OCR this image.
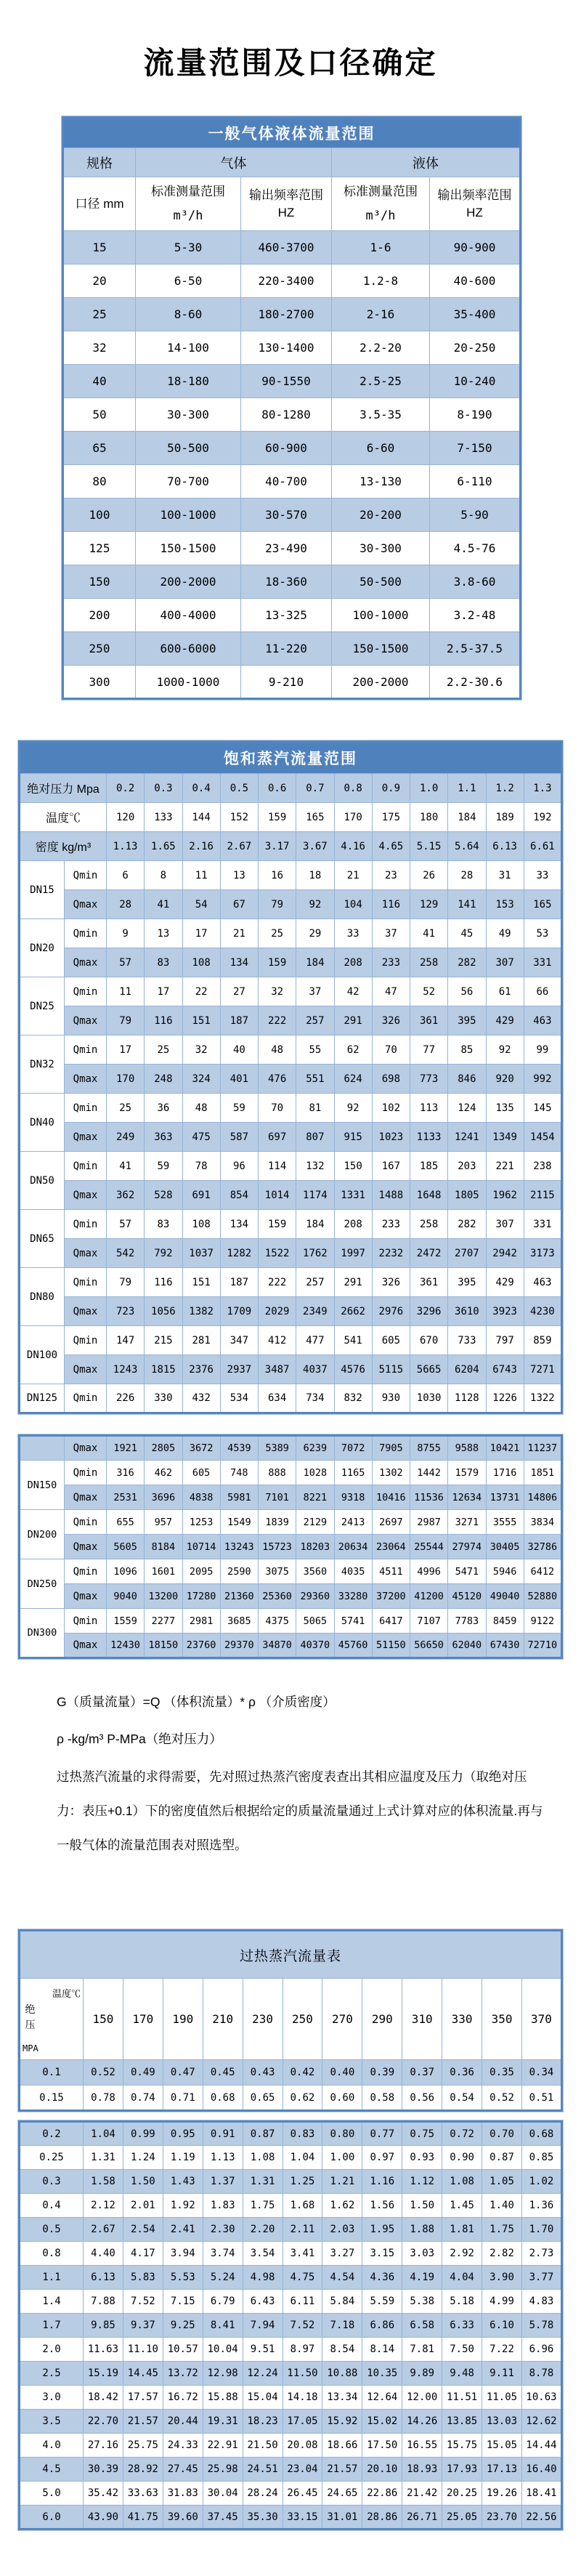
流量范围及口径确定
一般气体液体流量范围				
规格	气体		液体	
口径 mm	
标准测量范围
m³/h
	输出频率范围 HZ	
标准测量范围
m³/h
	输出频率范围 HZ
15	5-30	460-3700	1-6	90-900
20	6-50	220-3400	1.2-8	40-600
25	8-60	180-2700	2-16	35-400
32	14-100	130-1400	2.2-20	20-250
40	18-180	90-1550	2.5-25	10-240
50	30-300	80-1280	3.5-35	8-190
65	50-500	60-900	6-60	7-150
80	70-700	40-700	13-130	6-110
100	100-1000	30-570	20-200	5-90
125	150-1500	23-490	30-300	4.5-76
150	200-2000	18-360	50-500	3.8-60
200	400-4000	13-325	100-1000	3.2-48
250	600-6000	11-220	150-1500	2.5-37.5
300	1000-1000	9-210	200-2000	2.2-30.6
饱和蒸汽流量范围													
绝对压力 Mpa		0.2	0.3	0.4	0.5	0.6	0.7	0.8	0.9	1.0	1.1	1.2	1.3
温度℃		120	133	144	152	159	165	170	175	180	184	189	192
密度 kg/m³		1.13	1.65	2.16	2.67	3.17	3.67	4.16	4.65	5.15	5.64	6.13	6.61
DN15	Qmin	6	8	11	13	16	18	21	23	26	28	31	33
	Qmax	28	41	54	67	79	92	104	116	129	141	153	165
DN20	Qmin	9	13	17	21	25	29	33	37	41	45	49	53
	Qmax	57	83	108	134	159	184	208	233	258	282	307	331
DN25	Qmin	11	17	22	27	32	37	42	47	52	56	61	66
	Qmax	79	116	151	187	222	257	291	326	361	395	429	463
DN32	Qmin	17	25	32	40	48	55	62	70	77	85	92	99
	Qmax	170	248	324	401	476	551	624	698	773	846	920	992
DN40	Qmin	25	36	48	59	70	81	92	102	113	124	135	145
	Qmax	249	363	475	587	697	807	915	1023	1133	1241	1349	1454
DN50	Qmin	41	59	78	96	114	132	150	167	185	203	221	238
	Qmax	362	528	691	854	1014	1174	1331	1488	1648	1805	1962	2115
DN65	Qmin	57	83	108	134	159	184	208	233	258	282	307	331
	Qmax	542	792	1037	1282	1522	1762	1997	2232	2472	2707	2942	3173
DN80	Qmin	79	116	151	187	222	257	291	326	361	395	429	463
	Qmax	723	1056	1382	1709	2029	2349	2662	2976	3296	3610	3923	4230
DN100	Qmin	147	215	281	347	412	477	541	605	670	733	797	859
	Qmax	1243	1815	2376	2937	3487	4037	4576	5115	5665	6204	6743	7271
DN125	Qmin	226	330	432	534	634	734	832	930	1030	1128	1226	1322
	Qmax	1921	2805	3672	4539	5389	6239	7072	7905	8755	9588	10421	11237
DN150	Qmin	316	462	605	748	888	1028	1165	1302	1442	1579	1716	1851
	Qmax	2531	3696	4838	5981	7101	8221	9318	10416	11536	12634	13731	14806
DN200	Qmin	655	957	1253	1549	1839	2129	2413	2697	2987	3271	3555	3834
	Qmax	5605	8184	10714	13243	15723	18203	20634	23064	25544	27974	30405	32786
DN250	Qmin	1096	1601	2095	2590	3075	3560	4035	4511	4996	5471	5946	6412
	Qmax	9040	13200	17280	21360	25360	29360	33280	37200	41200	45120	49040	52880
DN300	Qmin	1559	2277	2981	3685	4375	5065	5741	6417	7107	7783	8459	9122
	Qmax	12430	18150	23760	29370	34870	40370	45760	51150	56650	62040	67430	72710

G（质量流量）=Q （体积流量）* ρ （介质密度）

ρ -kg/m³ P-MPa（绝对压力）

过热蒸汽流量的求得需要，先对照过热蒸汽密度表查出其相应温度及压力（取绝对压力：表压+0.1）下的密度值然后根据给定的质量流量通过上式计算对应的体积流量.再与一般气体的流量范围表对照选型。

过热蒸汽流量表												

温度℃
绝压
MPA	150	170	190	210	230	250	270	290	310	330	350	370
0.1	0.52	0.49	0.47	0.45	0.43	0.42	0.40	0.39	0.37	0.36	0.35	0.34
0.15	0.78	0.74	0.71	0.68	0.65	0.62	0.60	0.58	0.56	0.54	0.52	0.51
0.2	1.04	0.99	0.95	0.91	0.87	0.83	0.80	0.77	0.75	0.72	0.70	0.68
0.25	1.31	1.24	1.19	1.13	1.08	1.04	1.00	0.97	0.93	0.90	0.87	0.85
0.3	1.58	1.50	1.43	1.37	1.31	1.25	1.21	1.16	1.12	1.08	1.05	1.02
0.4	2.12	2.01	1.92	1.83	1.75	1.68	1.62	1.56	1.50	1.45	1.40	1.36
0.5	2.67	2.54	2.41	2.30	2.20	2.11	2.03	1.95	1.88	1.81	1.75	1.70
0.8	4.40	4.17	3.94	3.74	3.54	3.41	3.27	3.15	3.03	2.92	2.82	2.73
1.1	6.13	5.83	5.53	5.24	4.98	4.75	4.54	4.36	4.19	4.04	3.90	3.77
1.4	7.88	7.52	7.15	6.79	6.43	6.11	5.84	5.59	5.38	5.18	4.99	4.83
1.7	9.85	9.37	9.25	8.41	7.94	7.52	7.18	6.86	6.58	6.33	6.10	5.78
2.0	11.63	11.10	10.57	10.04	9.51	8.97	8.54	8.14	7.81	7.50	7.22	6.96
2.5	15.19	14.45	13.72	12.98	12.24	11.50	10.88	10.35	9.89	9.48	9.11	8.78
3.0	18.42	17.57	16.72	15.88	15.04	14.18	13.34	12.64	12.00	11.51	11.05	10.63
3.5	22.70	21.57	20.44	19.31	18.23	17.05	15.92	15.02	14.26	13.85	13.03	12.62
4.0	27.16	25.75	24.33	22.91	21.50	20.08	18.66	17.50	16.55	15.75	15.05	14.44
4.5	30.39	28.92	27.45	25.98	24.51	23.04	21.57	20.10	18.93	17.93	17.13	16.40
5.0	35.42	33.63	31.83	30.04	28.24	26.45	24.65	22.86	21.42	20.25	19.26	18.41
6.0	43.90	41.75	39.60	37.45	35.30	33.15	31.01	28.86	26.71	25.05	23.70	22.56
